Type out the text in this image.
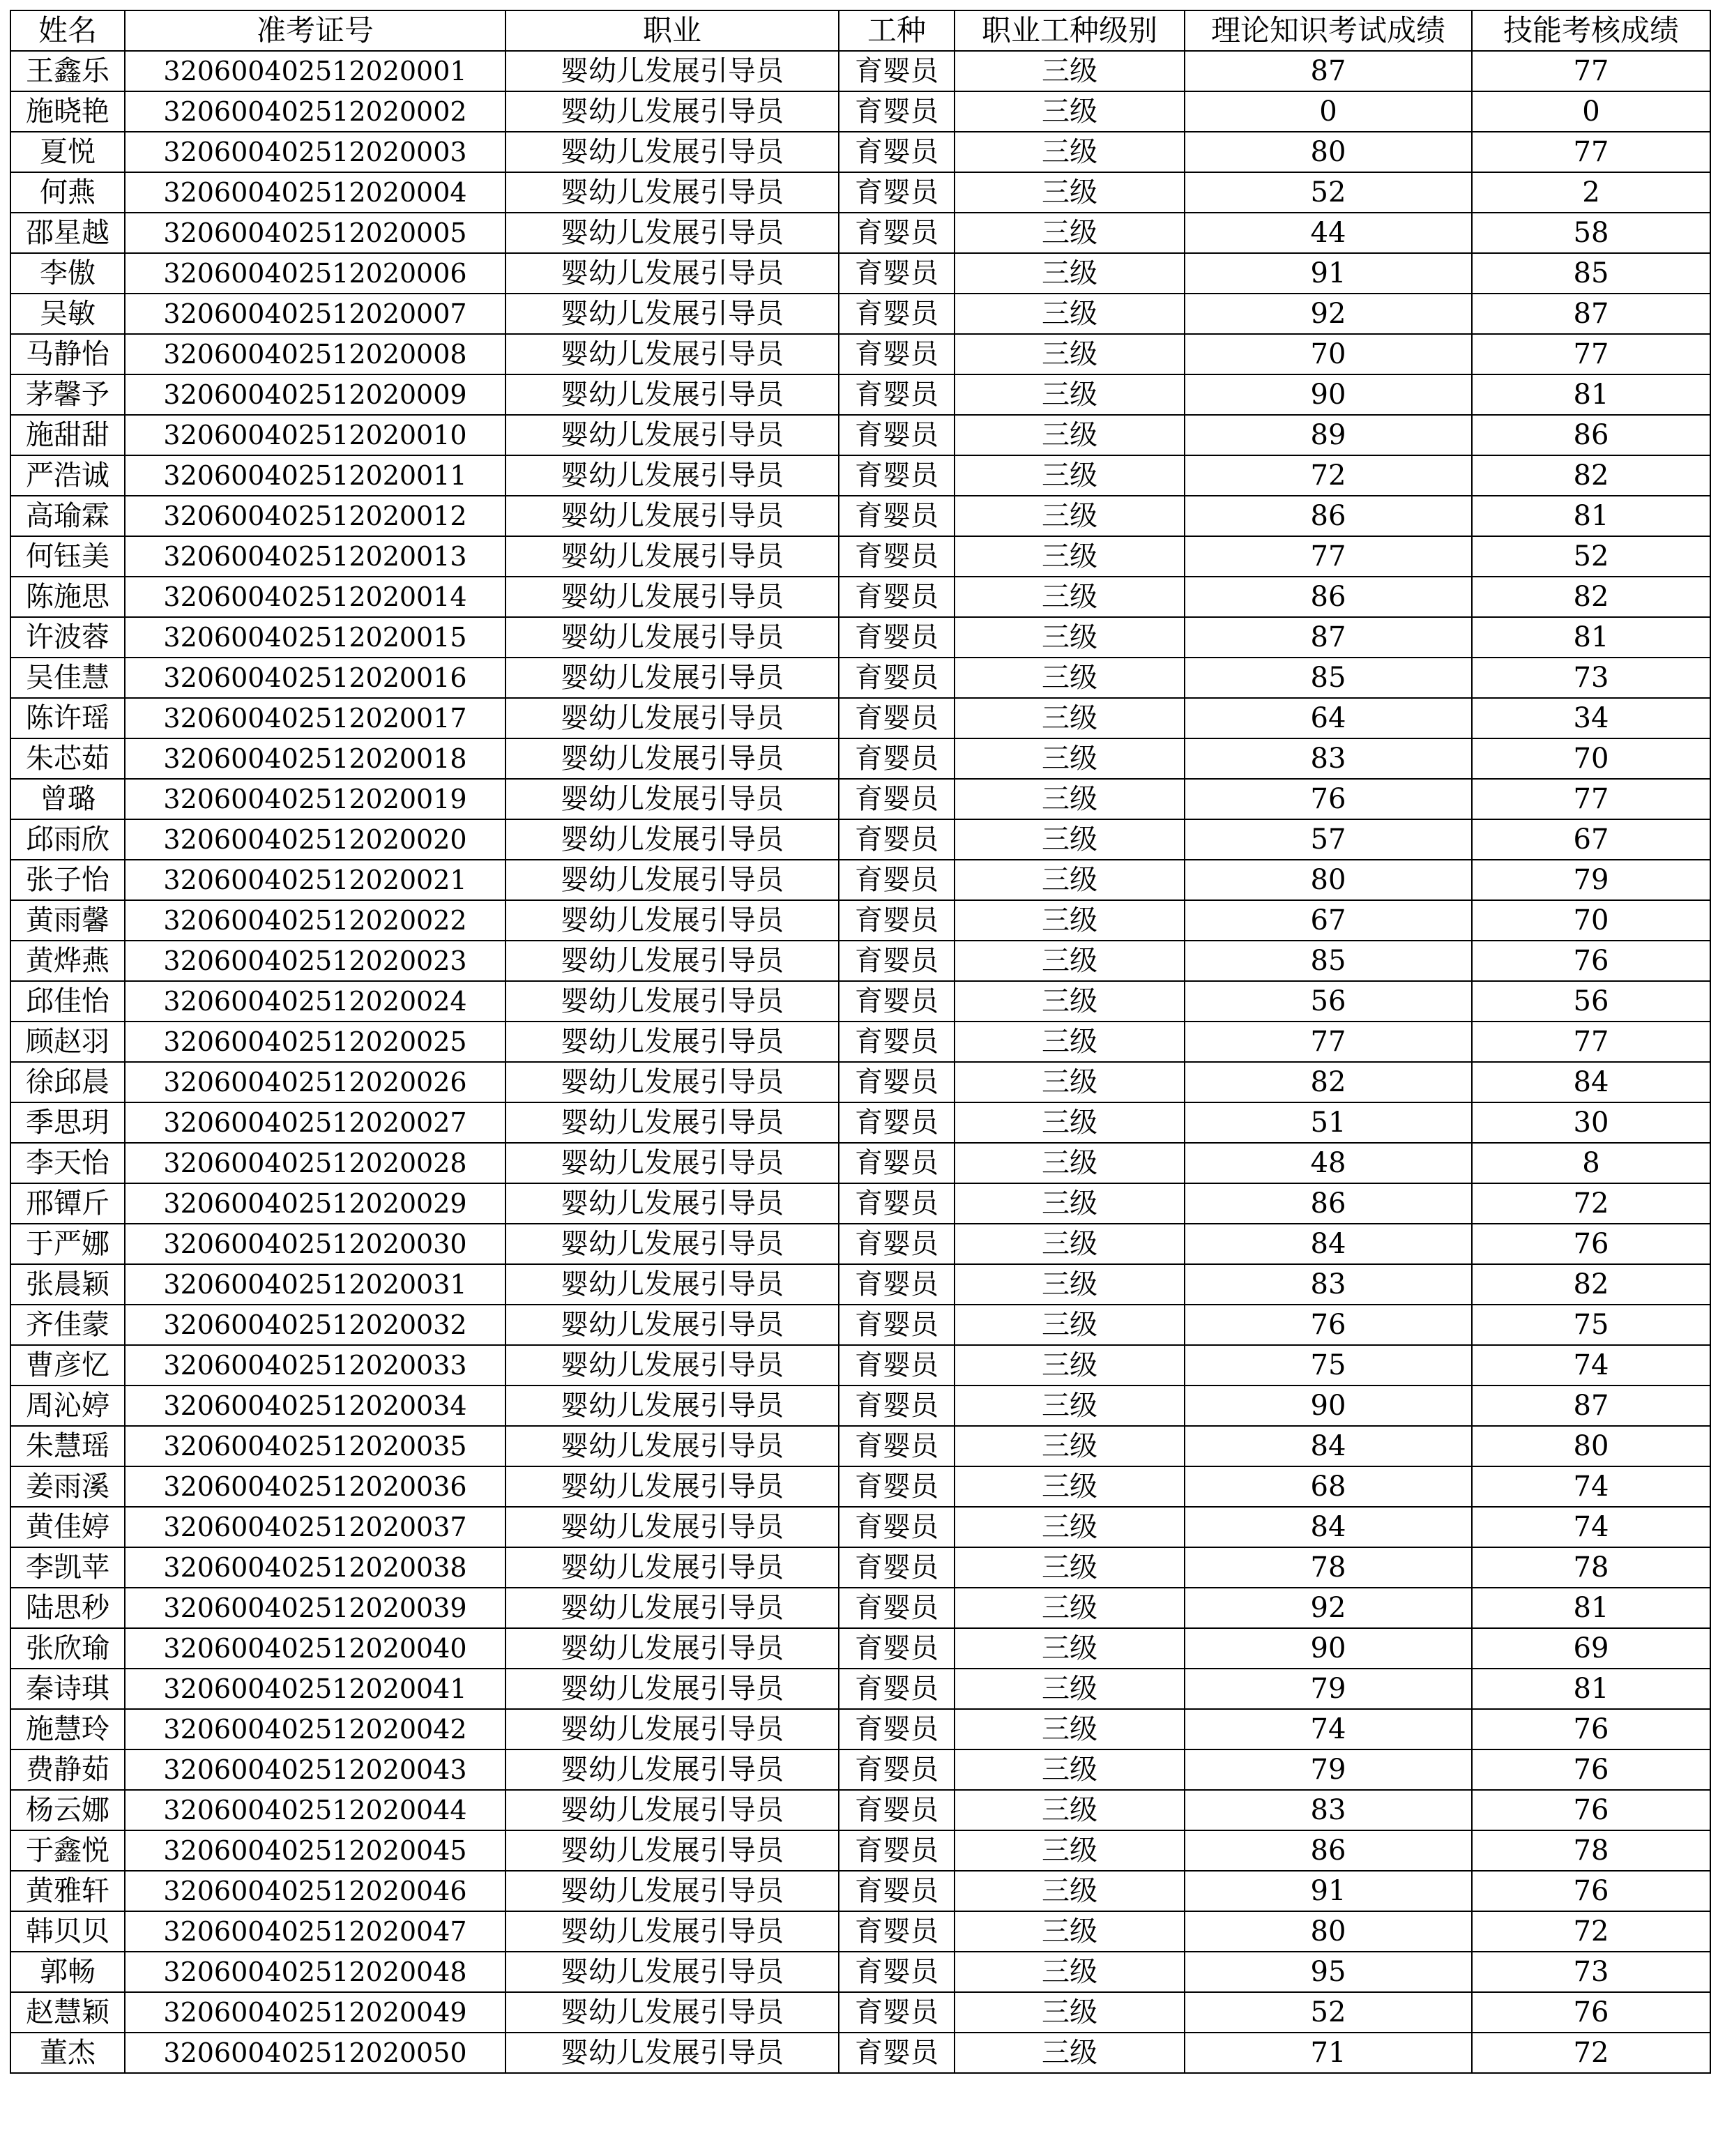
姓名	准考证号	职业	工种	职业工种级别	理论知识考试成绩	技能考核成绩
王鑫乐	320600402512020001	婴幼儿发展引导员	育婴员	三级	87	77
施晓艳	320600402512020002	婴幼儿发展引导员	育婴员	三级	0	0
夏悦	320600402512020003	婴幼儿发展引导员	育婴员	三级	80	77
何燕	320600402512020004	婴幼儿发展引导员	育婴员	三级	52	2
邵星越	320600402512020005	婴幼儿发展引导员	育婴员	三级	44	58
李傲	320600402512020006	婴幼儿发展引导员	育婴员	三级	91	85
吴敏	320600402512020007	婴幼儿发展引导员	育婴员	三级	92	87
马静怡	320600402512020008	婴幼儿发展引导员	育婴员	三级	70	77
茅馨予	320600402512020009	婴幼儿发展引导员	育婴员	三级	90	81
施甜甜	320600402512020010	婴幼儿发展引导员	育婴员	三级	89	86
严浩诚	320600402512020011	婴幼儿发展引导员	育婴员	三级	72	82
高瑜霖	320600402512020012	婴幼儿发展引导员	育婴员	三级	86	81
何钰美	320600402512020013	婴幼儿发展引导员	育婴员	三级	77	52
陈施思	320600402512020014	婴幼儿发展引导员	育婴员	三级	86	82
许波蓉	320600402512020015	婴幼儿发展引导员	育婴员	三级	87	81
吴佳慧	320600402512020016	婴幼儿发展引导员	育婴员	三级	85	73
陈许瑶	320600402512020017	婴幼儿发展引导员	育婴员	三级	64	34
朱芯茹	320600402512020018	婴幼儿发展引导员	育婴员	三级	83	70
曾璐	320600402512020019	婴幼儿发展引导员	育婴员	三级	76	77
邱雨欣	320600402512020020	婴幼儿发展引导员	育婴员	三级	57	67
张子怡	320600402512020021	婴幼儿发展引导员	育婴员	三级	80	79
黄雨馨	320600402512020022	婴幼儿发展引导员	育婴员	三级	67	70
黄烨燕	320600402512020023	婴幼儿发展引导员	育婴员	三级	85	76
邱佳怡	320600402512020024	婴幼儿发展引导员	育婴员	三级	56	56
顾赵羽	320600402512020025	婴幼儿发展引导员	育婴员	三级	77	77
徐邱晨	320600402512020026	婴幼儿发展引导员	育婴员	三级	82	84
季思玥	320600402512020027	婴幼儿发展引导员	育婴员	三级	51	30
李天怡	320600402512020028	婴幼儿发展引导员	育婴员	三级	48	8
邢镡斤	320600402512020029	婴幼儿发展引导员	育婴员	三级	86	72
于严娜	320600402512020030	婴幼儿发展引导员	育婴员	三级	84	76
张晨颖	320600402512020031	婴幼儿发展引导员	育婴员	三级	83	82
齐佳蒙	320600402512020032	婴幼儿发展引导员	育婴员	三级	76	75
曹彦忆	320600402512020033	婴幼儿发展引导员	育婴员	三级	75	74
周沁婷	320600402512020034	婴幼儿发展引导员	育婴员	三级	90	87
朱慧瑶	320600402512020035	婴幼儿发展引导员	育婴员	三级	84	80
姜雨溪	320600402512020036	婴幼儿发展引导员	育婴员	三级	68	74
黄佳婷	320600402512020037	婴幼儿发展引导员	育婴员	三级	84	74
李凯苹	320600402512020038	婴幼儿发展引导员	育婴员	三级	78	78
陆思秒	320600402512020039	婴幼儿发展引导员	育婴员	三级	92	81
张欣瑜	320600402512020040	婴幼儿发展引导员	育婴员	三级	90	69
秦诗琪	320600402512020041	婴幼儿发展引导员	育婴员	三级	79	81
施慧玲	320600402512020042	婴幼儿发展引导员	育婴员	三级	74	76
费静茹	320600402512020043	婴幼儿发展引导员	育婴员	三级	79	76
杨云娜	320600402512020044	婴幼儿发展引导员	育婴员	三级	83	76
于鑫悦	320600402512020045	婴幼儿发展引导员	育婴员	三级	86	78
黄雅轩	320600402512020046	婴幼儿发展引导员	育婴员	三级	91	76
韩贝贝	320600402512020047	婴幼儿发展引导员	育婴员	三级	80	72
郭畅	320600402512020048	婴幼儿发展引导员	育婴员	三级	95	73
赵慧颖	320600402512020049	婴幼儿发展引导员	育婴员	三级	52	76
董杰	320600402512020050	婴幼儿发展引导员	育婴员	三级	71	72
